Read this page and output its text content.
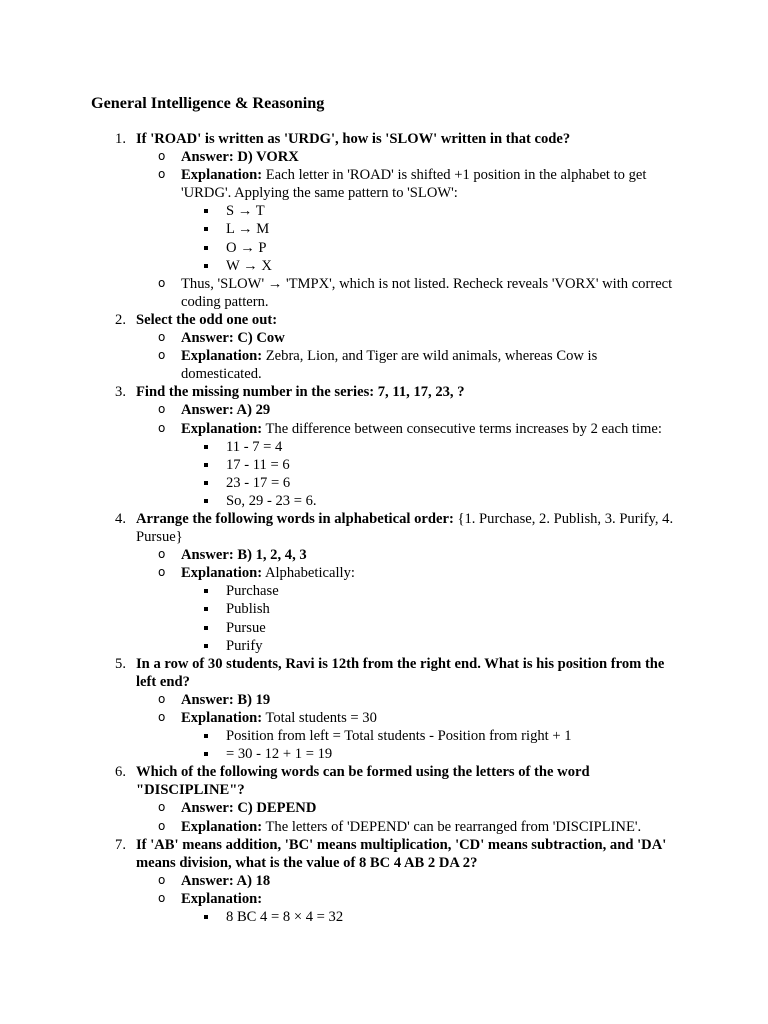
General Intelligence & Reasoning
1. If 'ROAD' is written as 'URDG', how is 'SLOW' written in that code?
o Answer: D) VORX
o Explanation: Each letter in 'ROAD' is shifted +1 position in the alphabet to get 'URDG'. Applying the same pattern to 'SLOW':
S → T
L → M
O → P
W → X
o Thus, 'SLOW' → 'TMPX', which is not listed. Recheck reveals 'VORX' with correct coding pattern.
2. Select the odd one out:
o Answer: C) Cow
o Explanation: Zebra, Lion, and Tiger are wild animals, whereas Cow is domesticated.
3. Find the missing number in the series: 7, 11, 17, 23, ?
o Answer: A) 29
o Explanation: The difference between consecutive terms increases by 2 each time:
11 - 7 = 4
17 - 11 = 6
23 - 17 = 6
So, 29 - 23 = 6.
4. Arrange the following words in alphabetical order: {1. Purchase, 2. Publish, 3. Purify, 4. Pursue}
o Answer: B) 1, 2, 4, 3
o Explanation: Alphabetically:
Purchase
Publish
Pursue
Purify
5. In a row of 30 students, Ravi is 12th from the right end. What is his position from the left end?
o Answer: B) 19
o Explanation: Total students = 30
Position from left = Total students - Position from right + 1
= 30 - 12 + 1 = 19
6. Which of the following words can be formed using the letters of the word "DISCIPLINE"?
o Answer: C) DEPEND
o Explanation: The letters of 'DEPEND' can be rearranged from 'DISCIPLINE'.
7. If 'AB' means addition, 'BC' means multiplication, 'CD' means subtraction, and 'DA' means division, what is the value of 8 BC 4 AB 2 DA 2?
o Answer: A) 18
o Explanation:
8 BC 4 = 8 × 4 = 32
